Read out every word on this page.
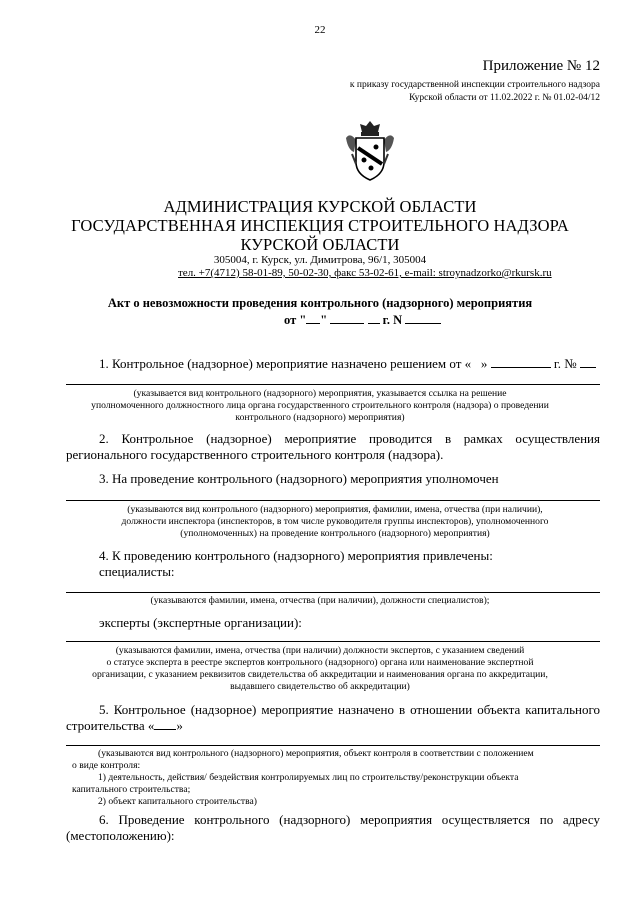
22
Приложение № 12
к приказу государственной инспекции строительного надзора
Курской области от 11.02.2022 г. № 01.02-04/12
АДМИНИСТРАЦИЯ КУРСКОЙ ОБЛАСТИ
ГОСУДАРСТВЕННАЯ ИНСПЕКЦИЯ СТРОИТЕЛЬНОГО НАДЗОРА
КУРСКОЙ ОБЛАСТИ
305004, г. Курск, ул. Димитрова, 96/1, 305004
тел. +7(4712) 58-01-89, 50-02-30, факс 53-02-61, e-mail: stroynadzorko@rkursk.ru
Акт о невозможности проведения контрольного (надзорного) мероприятия
от " "	г. N
1. Контрольное (надзорное) мероприятие назначено решением от « »	г. №
(указывается вид контрольного (надзорного) мероприятия, указывается ссылка на решение
уполномоченного должностного лица органа государственного строительного контроля (надзора) о проведении
контрольного (надзорного) мероприятия)
2. Контрольное (надзорное) мероприятие проводится в рамках осуществления
регионального государственного строительного контроля (надзора).
3. На проведение контрольного (надзорного) мероприятия уполномочен
(указываются вид контрольного (надзорного) мероприятия, фамилии, имена, отчества (при наличии),
должности инспектора (инспекторов, в том числе руководителя группы инспекторов), уполномоченного
(уполномоченных) на проведение контрольного (надзорного) мероприятия)
4. К проведению контрольного (надзорного) мероприятия привлечены:
специалисты:
(указываются фамилии, имена, отчества (при наличии), должности специалистов);
эксперты (экспертные организации):
(указываются фамилии, имена, отчества (при наличии) должности экспертов, с указанием сведений
о статусе эксперта в реестре экспертов контрольного (надзорного) органа или наименование экспертной
организации, с указанием реквизитов свидетельства об аккредитации и наименования органа по аккредитации,
выдавшего свидетельство об аккредитации)
5. Контрольное (надзорное) мероприятие назначено в отношении объекта капитального
строительства « »
(указываются вид контрольного (надзорного) мероприятия, объект контроля в соответствии с положением
о виде контроля:
1) деятельность, действия/ бездействия контролируемых лиц по строительству/реконструкции объекта
капитального строительства;
2) объект капитального строительства)
6. Проведение контрольного (надзорного) мероприятия осуществляется по адресу
(местоположению):
